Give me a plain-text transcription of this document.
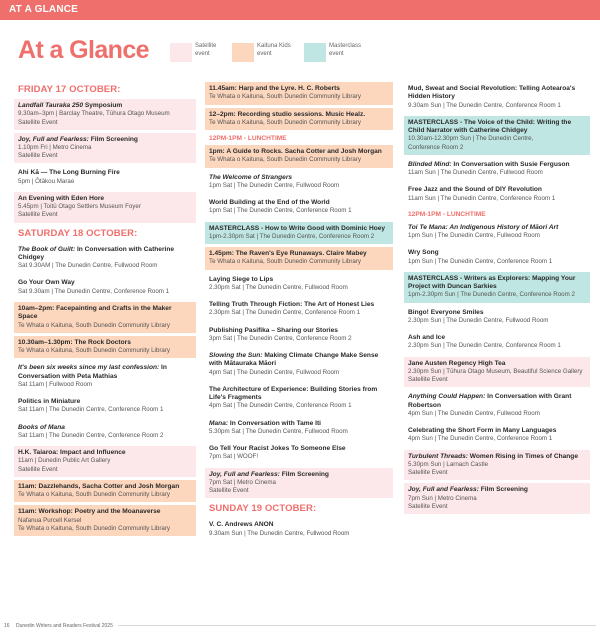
AT A GLANCE
At a Glance	Satellite
event
Kaituna Kids
event
Masterclass
event
FRIDAY 17 OCTOBER:
Landfall Tauraka 250 Symposium
9.30am–3pm | Barclay Theatre, Tūhura Otago Museum
Satellite Event
Joy, Full and Fearless: Film Screening
1.10pm Fri | Metro Cinema
Satellite Event
Ahi Kā — The Long Burning Fire
5pm | Ōtākou Marae
An Evening with Eden Hore
5.45pm | Toitū Otago Settlers Museum Foyer
Satellite Event
SATURDAY 18 OCTOBER:
The Book of Guilt: In Conversation with Catherine Chidgey
Sat 9.30AM | The Dunedin Centre, Fullwood Room
Go Your Own Way
Sat 9.30am | The Dunedin Centre, Conference Room 1
10am–2pm: Facepainting and Crafts in the Maker Space
Te Whata o Kaituna, South Dunedin Community Library
10.30am–1.30pm: The Rock Doctors
Te Whata o Kaituna, South Dunedin Community Library
It's been six weeks since my last confession: In Conversation with Peta Mathias
Sat 11am | Fullwood Room
Politics in Miniature
Sat 11am | The Dunedin Centre, Conference Room 1
Books of Mana
Sat 11am | The Dunedin Centre, Conference Room 2
H.K. Taiaroa: Impact and Influence
11am | Dunedin Public Art Gallery
Satellite Event
11am: Dazzlehands, Sacha Cotter and Josh Morgan
Te Whata o Kaituna, South Dunedin Community Library
11am: Workshop: Poetry and the Moanaverse
Nafanua Purcell Kersel
Te Whata o Kaituna, South Dunedin Community Library
11.45am: Harp and the Lyre. H. C. Roberts
Te Whata o Kaituna, South Dunedin Community Library
12–2pm: Recording studio sessions. Music Healz.
Te Whata o Kaituna, South Dunedin Community Library
12PM-1PM - LUNCHTIME
1pm: A Guide to Rocks. Sacha Cotter and Josh Morgan
Te Whata o Kaituna, South Dunedin Community Library
The Welcome of Strangers
1pm Sat | The Dunedin Centre, Fullwood Room
World Building at the End of the World
1pm Sat | The Dunedin Centre, Conference Room 1
MASTERCLASS - How to Write Good with Dominic Hoey
1pm-2.30pm Sat | The Dunedin Centre, Conference Room 2
1.45pm: The Raven's Eye Runaways. Claire Mabey
Te Whata o Kaituna, South Dunedin Community Library
Laying Siege to Lips
2.30pm Sat | The Dunedin Centre, Fullwood Room
Telling Truth Through Fiction: The Art of Honest Lies
2.30pm Sat | The Dunedin Centre, Conference Room 1
Publishing Pasifika – Sharing our Stories
3pm Sat | The Dunedin Centre, Conference Room 2
Slowing the Sun: Making Climate Change Make Sense with Mātauraka Māori
4pm Sat | The Dunedin Centre, Fullwood Room
The Architecture of Experience: Building Stories from Life's Fragments
4pm Sat | The Dunedin Centre, Conference Room 1
Mana: In Conversation with Tame Iti
5.30pm Sat | The Dunedin Centre, Fullwood Room
Go Tell Your Racist Jokes To Someone Else
7pm Sat | WOOF!
Joy, Full and Fearless: Film Screening
7pm Sat | Metro Cinema
Satellite Event
SUNDAY 19 OCTOBER:
V. C. Andrews ANON
9.30am Sun | The Dunedin Centre, Fullwood Room
Mud, Sweat and Social Revolution: Telling Aotearoa's Hidden History
9.30am Sun | The Dunedin Centre, Conference Room 1
MASTERCLASS - The Voice of the Child: Writing the Child Narrator with Catherine Chidgey
10.30am-12.30pm Sun | The Dunedin Centre,
Conference Room 2
Blinded Mind: In Conversation with Susie Ferguson
11am Sun | The Dunedin Centre, Fullwood Room
Free Jazz and the Sound of DIY Revolution
11am Sun | The Dunedin Centre, Conference Room 1
12PM-1PM - LUNCHTIME
Toi Te Mana: An Indigenous History of Māori Art
1pm Sun | The Dunedin Centre, Fullwood Room
Wry Song
1pm Sun | The Dunedin Centre, Conference Room 1
MASTERCLASS - Writers as Explorers: Mapping Your Project with Duncan Sarkies
1pm-2.30pm Sun | The Dunedin Centre, Conference Room 2
Bingo! Everyone Smiles
2.30pm Sun | The Dunedin Centre, Fullwood Room
Ash and Ice
2.30pm Sun | The Dunedin Centre, Conference Room 1
Jane Austen Regency High Tea
2.30pm Sun | Tūhura Otago Museum, Beautiful Science Gallery
Satellite Event
Anything Could Happen: In Conversation with Grant Robertson
4pm Sun | The Dunedin Centre, Fullwood Room
Celebrating the Short Form in Many Languages
4pm Sun | The Dunedin Centre, Conference Room 1
Turbulent Threads: Women Rising in Times of Change
5.30pm Sun | Larnach Castle
Satellite Event
Joy, Full and Fearless: Film Screening
7pm Sun | Metro Cinema
Satellite Event
16 Dunedin Writers and Readers Festival 2025
